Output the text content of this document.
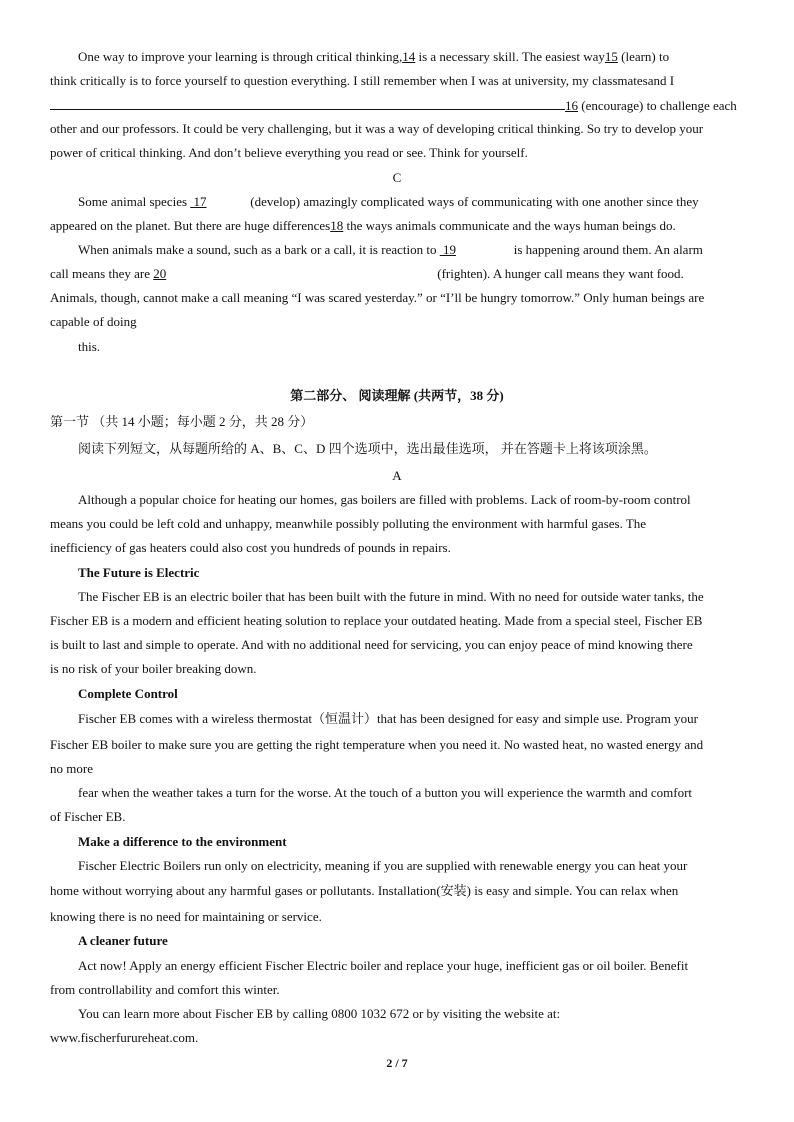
One way to improve your learning is through critical thinking,14 is a necessary skill. The easiest way15 (learn) to
think critically is to force yourself to question everything. I still remember when I was at university, my classmatesand I
16 (encourage) to challenge each
other and our professors. It could be very challenging, but it was a way of developing critical thinking. So try to develop your
power of critical thinking. And don’t believe everything you read or see. Think for yourself.
C
Some animal species  17	(develop) amazingly complicated ways of communicating with one another since they
appeared on the planet. But there are huge differences18 the ways animals communicate and the ways human beings do.
When animals make a sound, such as a bark or a call, it is reaction to  19	is happening around them. An alarm
call means they are 20	(frighten). A hunger call means they want food.
Animals, though, cannot make a call meaning “I was scared yesterday.” or “I’ll be hungry tomorrow.” Only human beings are
capable of doing
this.
第二部分、 阅读理解 (共两节，38 分)
第一节 （共 14 小题；每小题 2 分，共 28 分）
阅读下列短文，从每题所给的 A、B、C、D 四个选项中，选出最佳选项， 并在答题卡上将该项涂黑。
A
Although a popular choice for heating our homes, gas boilers are filled with problems. Lack of room-by-room control
means you could be left cold and unhappy, meanwhile possibly polluting the environment with harmful gases. The
inefficiency of gas heaters could also cost you hundreds of pounds in repairs.
The Future is Electric
The Fischer EB is an electric boiler that has been built with the future in mind. With no need for outside water tanks, the
Fischer EB is a modern and efficient heating solution to replace your outdated heating. Made from a special steel, Fischer EB
is built to last and simple to operate. And with no additional need for servicing, you can enjoy peace of mind knowing there
is no risk of your boiler breaking down.
Complete Control
Fischer EB comes with a wireless thermostat（恒温计）that has been designed for easy and simple use. Program your
Fischer EB boiler to make sure you are getting the right temperature when you need it. No wasted heat, no wasted energy and
no more
fear when the weather takes a turn for the worse. At the touch of a button you will experience the warmth and comfort
of Fischer EB.
Make a difference to the environment
Fischer Electric Boilers run only on electricity, meaning if you are supplied with renewable energy you can heat your
home without worrying about any harmful gases or pollutants. Installation(安装) is easy and simple. You can relax when
knowing there is no need for maintaining or service.
A cleaner future
Act now! Apply an energy efficient Fischer Electric boiler and replace your huge, inefficient gas or oil boiler. Benefit
from controllability and comfort this winter.
You can learn more about Fischer EB by calling 0800 1032 672 or by visiting the website at:
www.fischerfurureheat.com.
2 / 7
